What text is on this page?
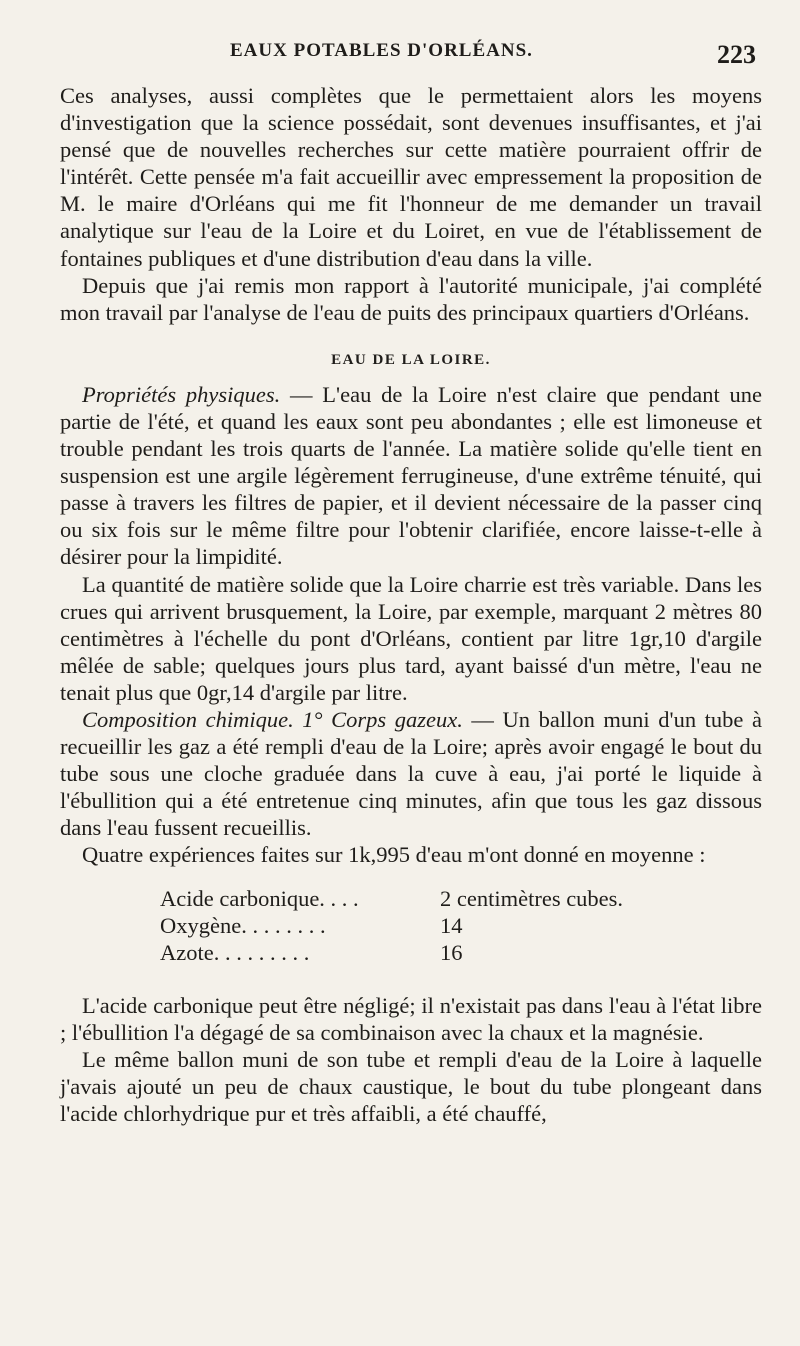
EAUX POTABLES D'ORLÉANS.	223

Ces analyses, aussi complètes que le permettaient alors les moyens d'investigation que la science possédait, sont devenues insuffisantes, et j'ai pensé que de nouvelles recherches sur cette matière pourraient offrir de l'intérêt. Cette pensée m'a fait accueillir avec empressement la proposition de M. le maire d'Orléans qui me fit l'honneur de me demander un travail analytique sur l'eau de la Loire et du Loiret, en vue de l'établissement de fontaines publiques et d'une distribution d'eau dans la ville.

Depuis que j'ai remis mon rapport à l'autorité municipale, j'ai complété mon travail par l'analyse de l'eau de puits des principaux quartiers d'Orléans.

EAU DE LA LOIRE.

Propriétés physiques. — L'eau de la Loire n'est claire que pendant une partie de l'été, et quand les eaux sont peu abondantes ; elle est limoneuse et trouble pendant les trois quarts de l'année. La matière solide qu'elle tient en suspension est une argile légèrement ferrugineuse, d'une extrême ténuité, qui passe à travers les filtres de papier, et il devient nécessaire de la passer cinq ou six fois sur le même filtre pour l'obtenir clarifiée, encore laisse-t-elle à désirer pour la limpidité.

La quantité de matière solide que la Loire charrie est très variable. Dans les crues qui arrivent brusquement, la Loire, par exemple, marquant 2 mètres 80 centimètres à l'échelle du pont d'Orléans, contient par litre 1gr,10 d'argile mêlée de sable; quelques jours plus tard, ayant baissé d'un mètre, l'eau ne tenait plus que 0gr,14 d'argile par litre.

Composition chimique. 1° Corps gazeux. — Un ballon muni d'un tube à recueillir les gaz a été rempli d'eau de la Loire; après avoir engagé le bout du tube sous une cloche graduée dans la cuve à eau, j'ai porté le liquide à l'ébullition qui a été entretenue cinq minutes, afin que tous les gaz dissous dans l'eau fussent recueillis.

Quatre expériences faites sur 1k,995 d'eau m'ont donné en moyenne :

Acide carbonique. . . .	2 centimètres cubes.
Oxygène. . . . . . . .	14
Azote. . . . . . . . .	16

L'acide carbonique peut être négligé; il n'existait pas dans l'eau à l'état libre ; l'ébullition l'a dégagé de sa combinaison avec la chaux et la magnésie.

Le même ballon muni de son tube et rempli d'eau de la Loire à laquelle j'avais ajouté un peu de chaux caustique, le bout du tube plongeant dans l'acide chlorhydrique pur et très affaibli, a été chauffé,
